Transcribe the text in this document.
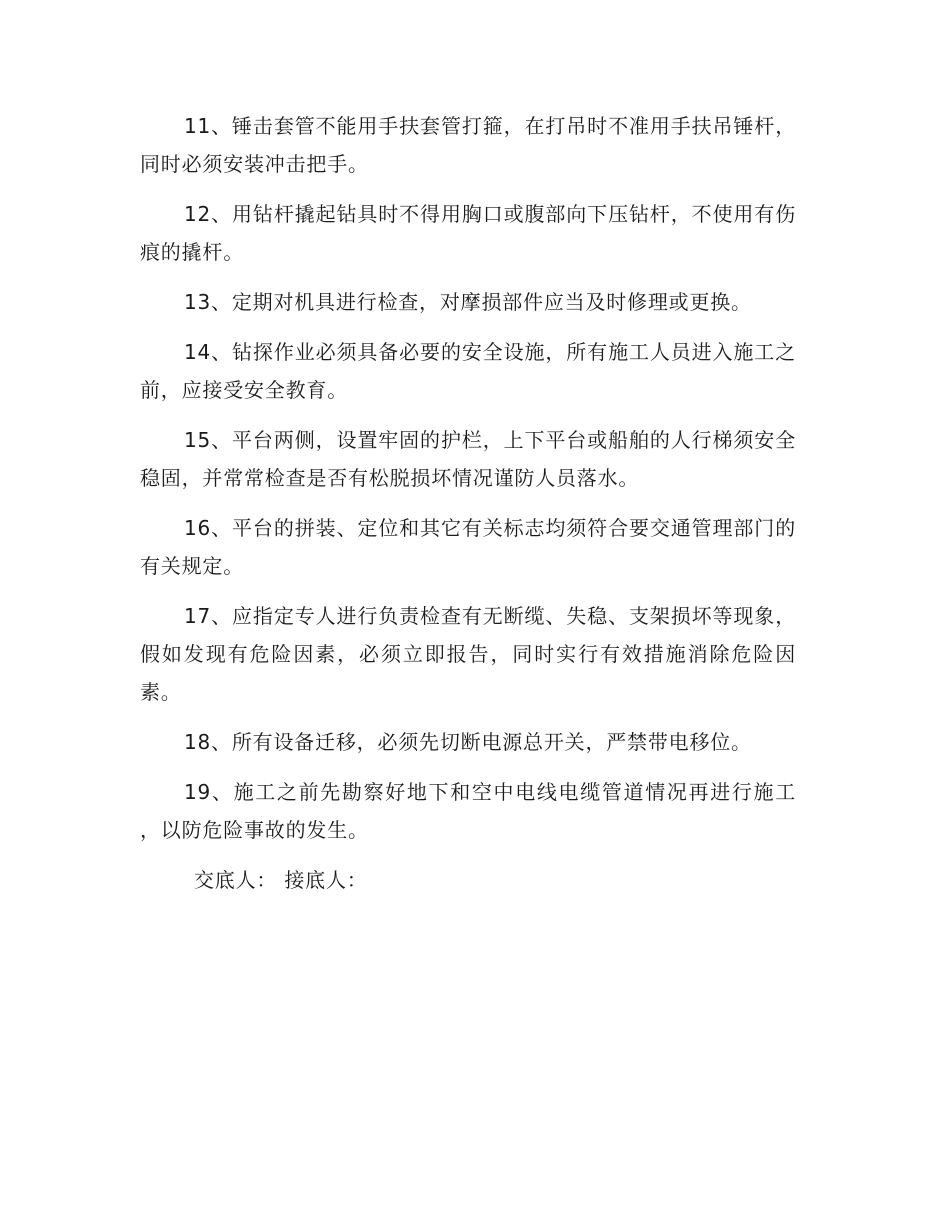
11、锤击套管不能用手扶套管打箍，在打吊时不准用手扶吊锤杆，同时必须安装冲击把手。

12、用钻杆撬起钻具时不得用胸口或腹部向下压钻杆，不使用有伤痕的撬杆。

13、定期对机具进行检查，对摩损部件应当及时修理或更换。

14、钻探作业必须具备必要的安全设施，所有施工人员进入施工之前，应接受安全教育。

15、平台两侧，设置牢固的护栏，上下平台或船舶的人行梯须安全稳固，并常常检查是否有松脱损坏情况谨防人员落水。

16、平台的拼装、定位和其它有关标志均须符合要交通管理部门的有关规定。

17、应指定专人进行负责检查有无断缆、失稳、支架损坏等现象，假如发现有危险因素，必须立即报告，同时实行有效措施消除危险因素。

18、所有设备迁移，必须先切断电源总开关，严禁带电移位。

19、施工之前先勘察好地下和空中电线电缆管道情况再进行施工 ，以防危险事故的发生。

交底人： 接底人：
